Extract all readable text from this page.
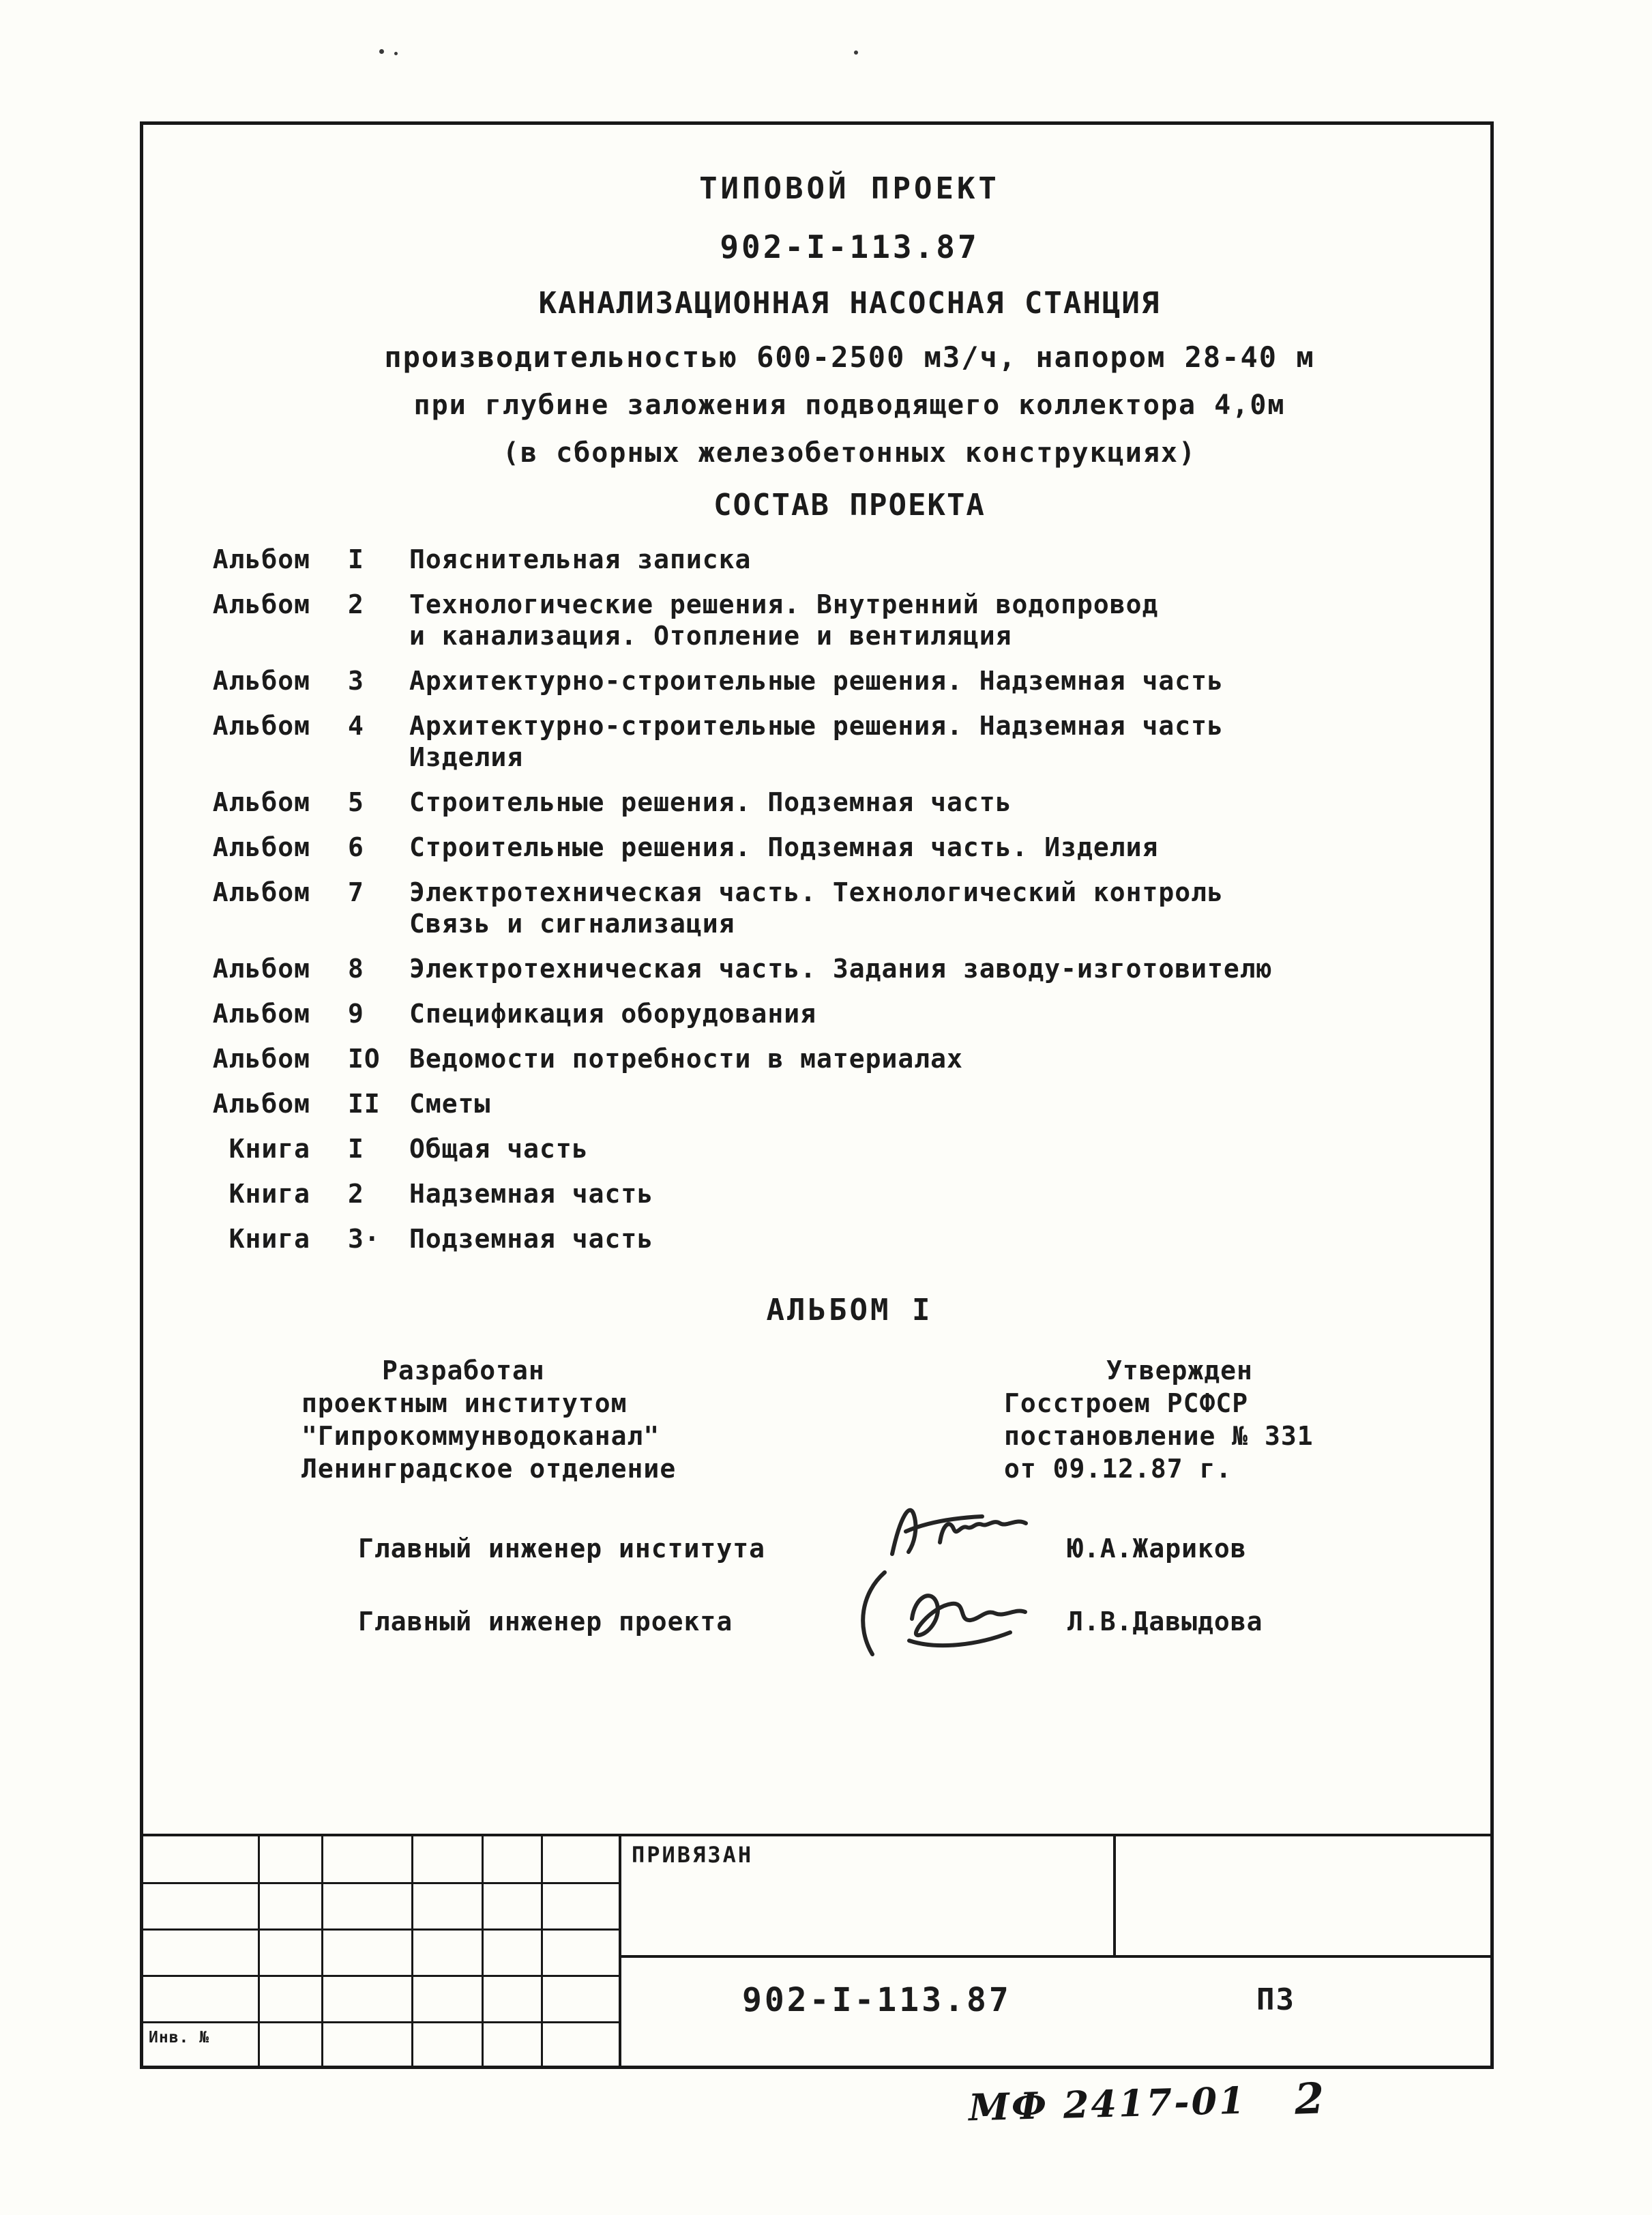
ТИПОВОЙ ПРОЕКТ
902-I-113.87
КАНАЛИЗАЦИОННАЯ НАСОСНАЯ СТАНЦИЯ
производительностью 600-2500 м3/ч, напором 28-40 м
при глубине заложения подводящего коллектора 4,0м
(в сборных железобетонных конструкциях)
СОСТАВ ПРОЕКТА
Альбом	I	Пояснительная записка
Альбом	2	Технологические решения. Внутренний водопровод
и канализация. Отопление и вентиляция
Альбом	3	Архитектурно-строительные решения. Надземная часть
Альбом	4	Архитектурно-строительные решения. Надземная часть
Изделия
Альбом	5	Строительные решения. Подземная часть
Альбом	6	Строительные решения. Подземная часть. Изделия
Альбом	7	Электротехническая часть. Технологический контроль
Связь и сигнализация
Альбом	8	Электротехническая часть. Задания заводу-изготовителю
Альбом	9	Спецификация оборудования
Альбом	IO	Ведомости потребности в материалах
Альбом	II	Сметы
Книга	I	Общая часть
Книга	2	Надземная часть
Книга	3·	Подземная часть
АЛЬБОМ I
Разработан
проектным институтом
"Гипрокоммунводоканал"
Ленинградское отделение
Утвержден
Госстроем РСФСР
постановление № 331
от 09.12.87 г.
Главный инженер института	Ю.А.Жариков
Главный инженер проекта	Л.В.Давыдова
Инв. №
ПРИВЯЗАН
902-I-113.87	ПЗ
МФ 2417-01 2
